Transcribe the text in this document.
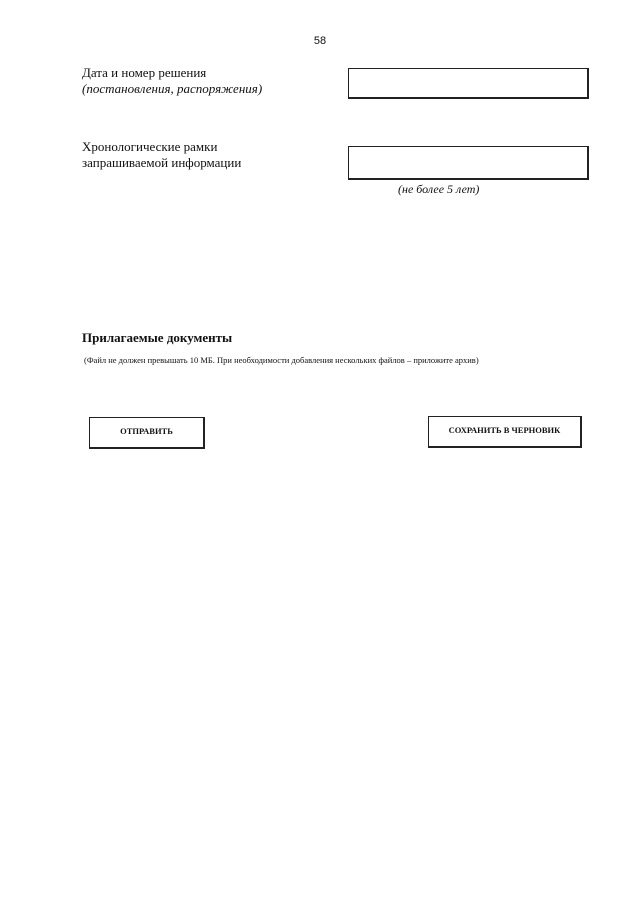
58
Дата и номер решения
(постановления, распоряжения)
Хронологические рамки
запрашиваемой информации
(не более 5 лет)
Прилагаемые документы
(Файл не должен превышать 10 МБ. При необходимости добавления нескольких файлов – приложите архив)
ОТПРАВИТЬ	СОХРАНИТЬ В ЧЕРНОВИК
